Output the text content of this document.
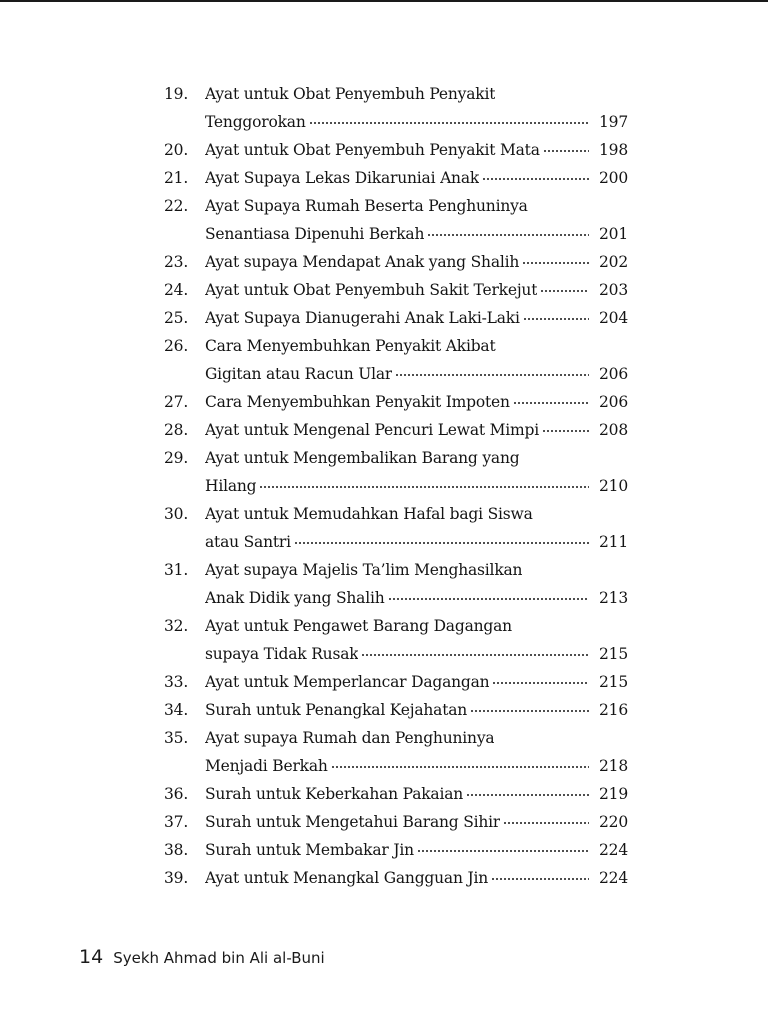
19.	Ayat untuk Obat Penyembuh Penyakit
Tenggorokan	197
20.	Ayat untuk Obat Penyembuh Penyakit Mata	198
21.	Ayat Supaya Lekas Dikaruniai Anak	200
22.	Ayat Supaya Rumah Beserta Penghuninya
Senantiasa Dipenuhi Berkah	201
23.	Ayat supaya Mendapat Anak yang Shalih	202
24.	Ayat untuk Obat Penyembuh Sakit Terkejut	203
25.	Ayat Supaya Dianugerahi Anak Laki-Laki	204
26.	Cara Menyembuhkan Penyakit Akibat
Gigitan atau Racun Ular	206
27.	Cara Menyembuhkan Penyakit Impoten	206
28.	Ayat untuk Mengenal Pencuri Lewat Mimpi	208
29.	Ayat untuk Mengembalikan Barang yang
Hilang	210
30.	Ayat untuk Memudahkan Hafal bagi Siswa
atau Santri	211
31.	Ayat supaya Majelis Ta’lim Menghasilkan
Anak Didik yang Shalih	213
32.	Ayat untuk Pengawet Barang Dagangan
supaya Tidak Rusak	215
33.	Ayat untuk Memperlancar Dagangan	215
34.	Surah untuk Penangkal Kejahatan	216
35.	Ayat supaya Rumah dan Penghuninya
Menjadi Berkah	218
36.	Surah untuk Keberkahan Pakaian	219
37.	Surah untuk Mengetahui Barang Sihir	220
38.	Surah untuk Membakar Jin	224
39.	Ayat untuk Menangkal Gangguan Jin	224
14 Syekh Ahmad bin Ali al-Buni
